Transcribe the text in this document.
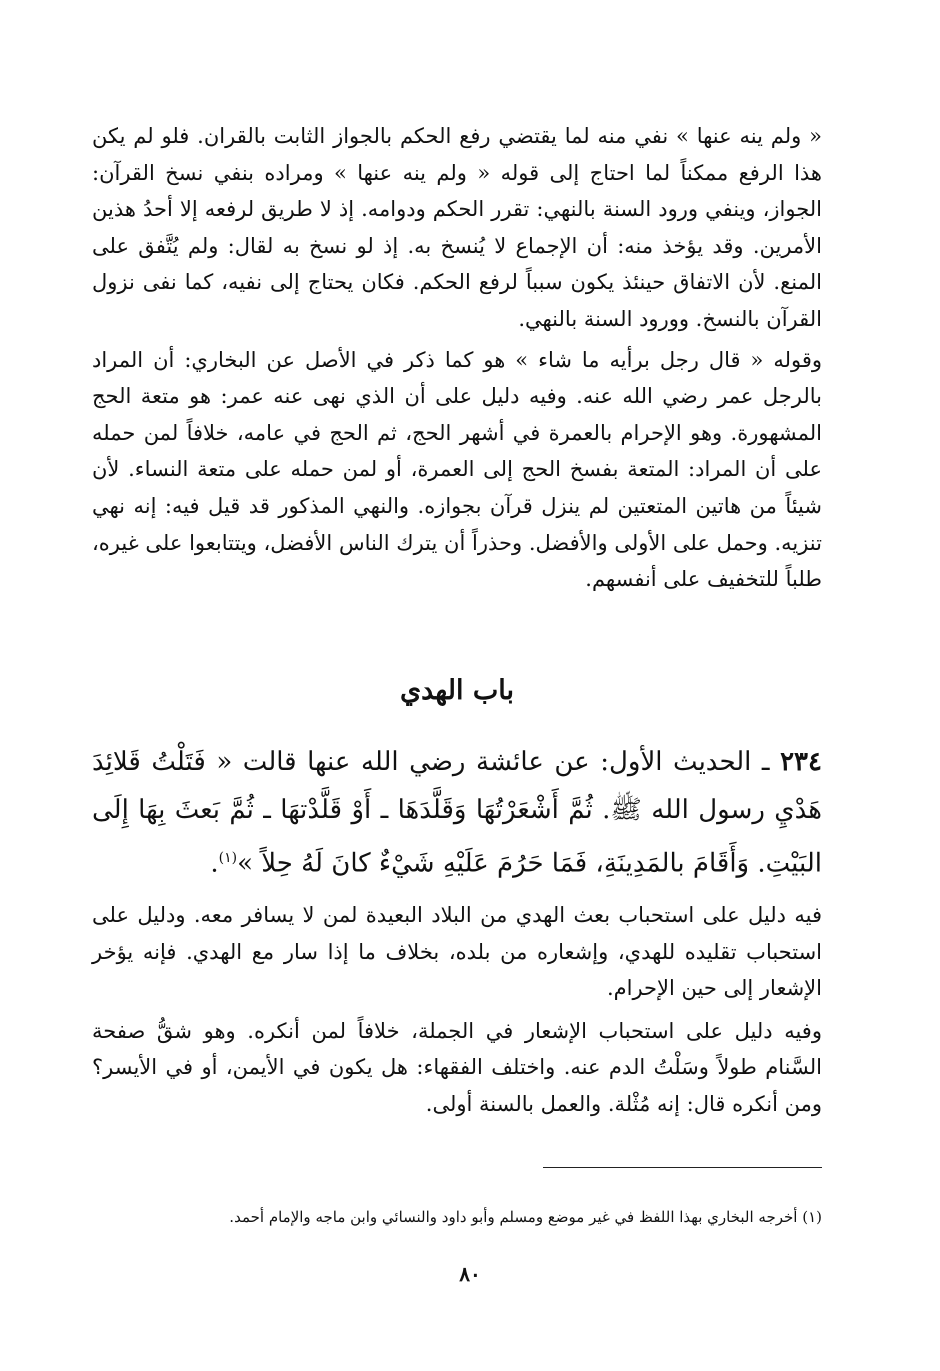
« ولم ينه عنها » نفي منه لما يقتضي رفع الحكم بالجواز الثابت بالقران. فلو لم يكن هذا الرفع ممكناً لما احتاج إلى قوله « ولم ينه عنها » ومراده بنفي نسخ القرآن: الجواز، وينفي ورود السنة بالنهي: تقرر الحكم ودوامه. إذ لا طريق لرفعه إلا أحدُ هذين الأمرين. وقد يؤخذ منه: أن الإجماع لا يُنسخ به. إذ لو نسخ به لقال: ولم يُتَّفق على المنع. لأن الاتفاق حينئذ يكون سبباً لرفع الحكم. فكان يحتاج إلى نفيه، كما نفى نزول القرآن بالنسخ. وورود السنة بالنهي.

وقوله « قال رجل برأيه ما شاء » هو كما ذكر في الأصل عن البخاري: أن المراد بالرجل عمر رضي الله عنه. وفيه دليل على أن الذي نهى عنه عمر: هو متعة الحج المشهورة. وهو الإحرام بالعمرة في أشهر الحج، ثم الحج في عامه، خلافاً لمن حمله على أن المراد: المتعة بفسخ الحج إلى العمرة، أو لمن حمله على متعة النساء. لأن شيئاً من هاتين المتعتين لم ينزل قرآن بجوازه. والنهي المذكور قد قيل فيه: إنه نهي تنزيه. وحمل على الأولى والأفضل. وحذراً أن يترك الناس الأفضل، ويتتابعوا على غيره، طلباً للتخفيف على أنفسهم.

باب الهدي

٢٣٤ ـ الحديث الأول: عن عائشة رضي الله عنها قالت « فَتَلْتُ قَلائِدَ هَدْيِ رسول الله ﷺ. ثُمَّ أَشْعَرْتُهَا وَقَلَّدَهَا ـ أَوْ قَلَّدْتهَا ـ ثُمَّ بَعثَ بِهَا إِلَى البَيْتِ. وَأَقَامَ بالمَدِينَةِ، فَمَا حَرُمَ عَلَيْهِ شَيْءٌ كانَ لَهُ حِلاً »$^{(١)}$.

فيه دليل على استحباب بعث الهدي من البلاد البعيدة لمن لا يسافر معه. ودليل على استحباب تقليده للهدي، وإشعاره من بلده، بخلاف ما إذا سار مع الهدي. فإنه يؤخر الإشعار إلى حين الإحرام.

وفيه دليل على استحباب الإشعار في الجملة، خلافاً لمن أنكره. وهو شقُّ صفحة السَّنام طولاً وسَلْتُ الدم عنه. واختلف الفقهاء: هل يكون في الأيمن، أو في الأيسر؟ ومن أنكره قال: إنه مُثْلة. والعمل بالسنة أولى.

(١) أخرجه البخاري بهذا اللفظ في غير موضع ومسلم وأبو داود والنسائي وابن ماجه والإمام أحمد.

٨٠
